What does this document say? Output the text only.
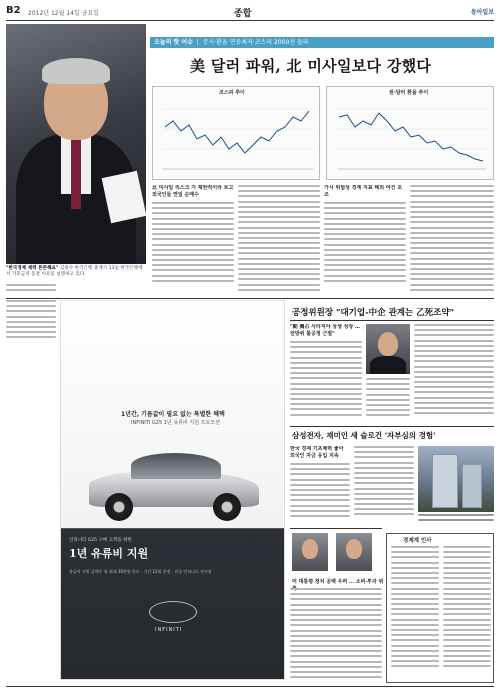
B2 2012년 12월 14일 금요일	종합	동아일보
"한국경제 체력 튼튼해요" 김중수 한국은행 총재가 13일 한국은행에서 기준금리 동결 이유를 설명하고 있다.
오늘의 핫 이슈  |  증시·환율 연중최저·코스피 2000선 돌파
美 달러 파워, 北 미사일보다 강했다
코스피 추이	원·달러 환율 추이
北 미사일 리스크 가 제한적이라 보고 외국인들 연일 순매수
가시 위험성 경계 지표 해외 여건 호조
1년간, 기름값이 필요 없는 특별한 혜택
INFINITI G25 1년 유류비 지원 프로모션
인피니티 G25 구매 고객을 위한
1년 유류비 지원
유류비 지원 금액은 월 최대 30만원 한도 · 기간 12월 한정 · 전국 인피니티 전시장
INFINITI
공정위원장 "대기업-中企 관계는 乙死조약"
"動 獨占 사라져야 상생 성장 … 전방위 불공정 근절"
삼성전자, 재미인 새 슬로건 '자부심의 경험'
한국 경제 기초체력 좋아 외국인 자금 유입 지속
미 대통령 정치 공백 우려 … 소비·투자 위
경제계 인사
